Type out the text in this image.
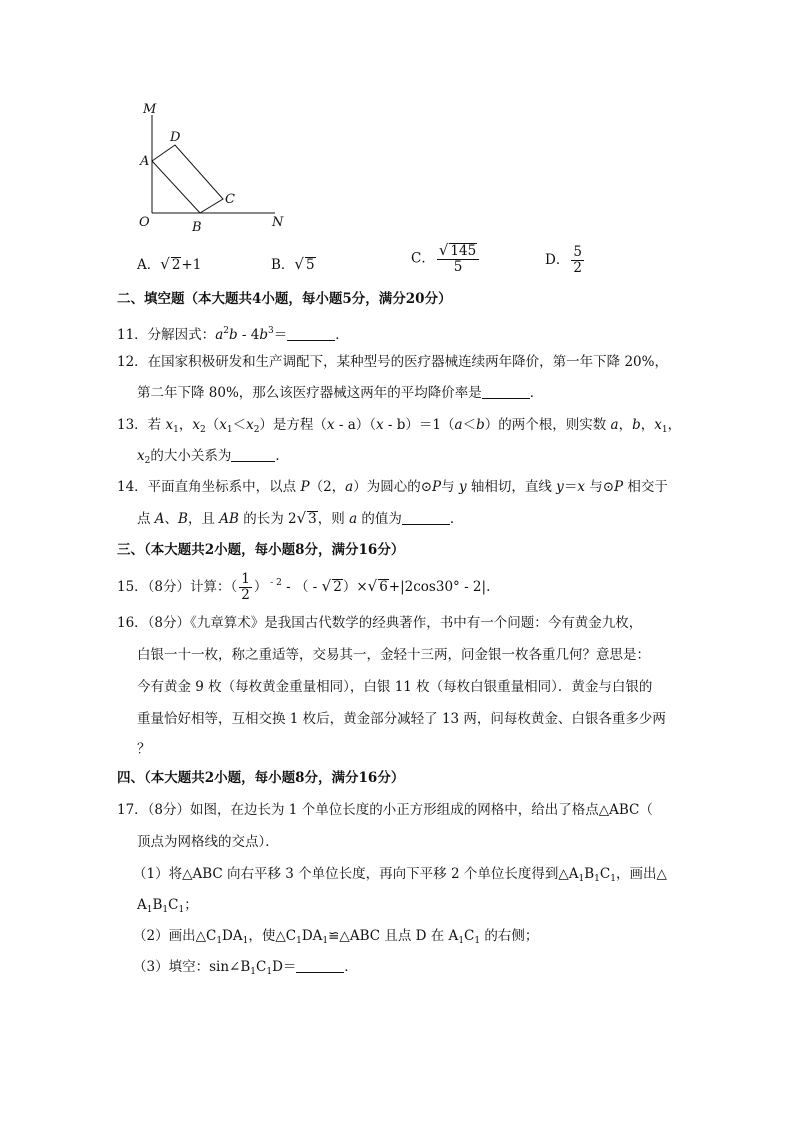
M
D
A
C
O	B	N
A．√ 2+1	B．√ 5	C． $\frac{√ 145}{5}$	D． $\frac{5}{2}$
二、填空题（本大题共4小题，每小题5分，满分20分）
11．分解因式：$a^2b - 4b^3=$	．
12．在国家积极研发和生产调配下，某种型号的医疗器械连续两年降价，第一年下降 20%，
第二年下降 80%，那么该医疗器械这两年的平均降价率是	．
13．若 $x_1$，$x_2(x_1<x_2)$是方程（x - a）（x - b）＝1（a＜b）的两个根，则实数 a，b，$x_1$，
$x_2$的大小关系为	．
14．平面直角坐标系中，以点 P（2，a）为圆心的⊙P与 y 轴相切，直线 y＝x 与⊙P 相交于
点 A、B，且 AB 的长为 2√ 3，则 a 的值为	．
三、（本大题共2小题，每小题8分，满分16分）
15．（8分）计算：（ $\frac{1}{2}$ ） $^{- 2}$ - （ - √ 2）×√ 6+|2cos30° - 2|.
16．（8分）《九章算术》是我国古代数学的经典著作，书中有一个问题：今有黄金九枚，
白银一十一枚，称之重适等，交易其一，金轻十三两，问金银一枚各重几何？意思是：
今有黄金 9 枚（每枚黄金重量相同），白银 11 枚（每枚白银重量相同）．黄金与白银的
重量恰好相等，互相交换 1 枚后，黄金部分减轻了 13 两，问每枚黄金、白银各重多少两
？
四、（本大题共2小题，每小题8分，满分16分）
17．（8分）如图，在边长为 1 个单位长度的小正方形组成的网格中，给出了格点△ABC（
顶点为网格线的交点）．
（1）将△ABC 向右平移 3 个单位长度，再向下平移 2 个单位长度得到$\triangle A_1B_1C_1$，画出△
$A_1B_1C_1$；
（2）画出$\triangle C_1DA_1$，使$\triangle C_1DA_1≌\triangle ABC$ 且点 D 在 $A_1C_1$ 的右侧；
（3）填空：$\sin\angle B_1C_1D=$	．
